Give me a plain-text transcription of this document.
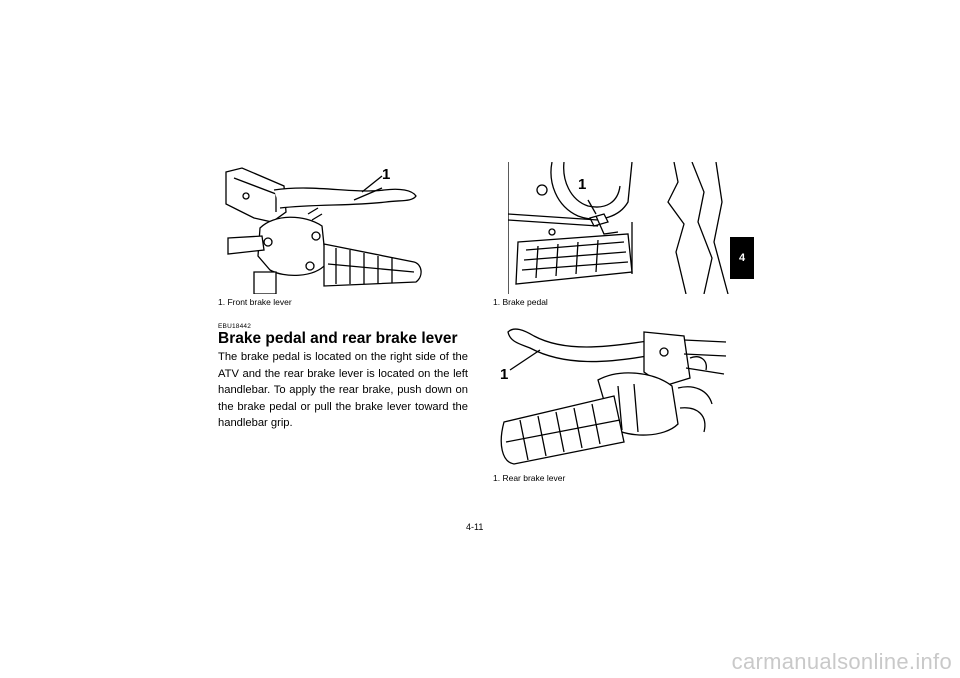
1
1. Front brake lever
1
1. Brake pedal
EBU18442
Brake pedal and rear brake lever
The brake pedal is located on the right side of the ATV and the rear brake lever is located on the left handlebar. To apply the rear brake, push down on the brake pedal or pull the brake lever toward the handlebar grip.
1
1. Rear brake lever
4-11
4
carmanualsonline.info
